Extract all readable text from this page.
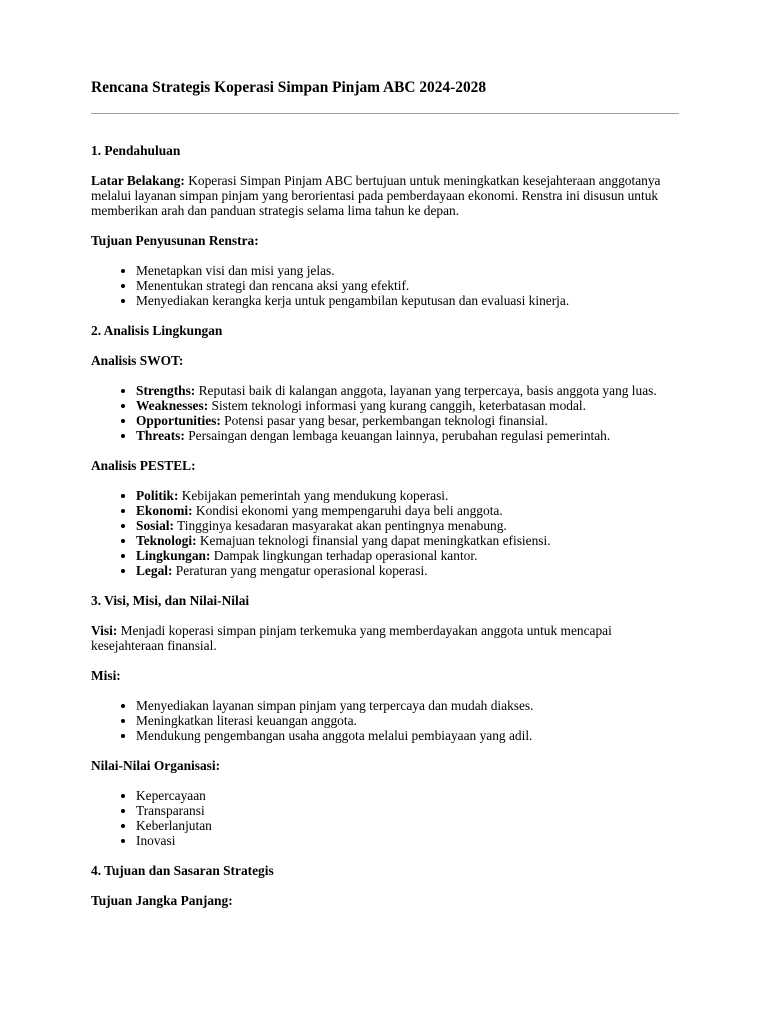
Rencana Strategis Koperasi Simpan Pinjam ABC 2024-2028
1. Pendahuluan

Latar Belakang: Koperasi Simpan Pinjam ABC bertujuan untuk meningkatkan kesejahteraan anggotanya melalui layanan simpan pinjam yang berorientasi pada pemberdayaan ekonomi. Renstra ini disusun untuk memberikan arah dan panduan strategis selama lima tahun ke depan.

Tujuan Penyusunan Renstra:
• Menetapkan visi dan misi yang jelas.
• Menentukan strategi dan rencana aksi yang efektif.
• Menyediakan kerangka kerja untuk pengambilan keputusan dan evaluasi kinerja.
2. Analisis Lingkungan
Analisis SWOT:
• Strengths: Reputasi baik di kalangan anggota, layanan yang terpercaya, basis anggota yang luas.
• Weaknesses: Sistem teknologi informasi yang kurang canggih, keterbatasan modal.
• Opportunities: Potensi pasar yang besar, perkembangan teknologi finansial.
• Threats: Persaingan dengan lembaga keuangan lainnya, perubahan regulasi pemerintah.
Analisis PESTEL:
• Politik: Kebijakan pemerintah yang mendukung koperasi.
• Ekonomi: Kondisi ekonomi yang mempengaruhi daya beli anggota.
• Sosial: Tingginya kesadaran masyarakat akan pentingnya menabung.
• Teknologi: Kemajuan teknologi finansial yang dapat meningkatkan efisiensi.
• Lingkungan: Dampak lingkungan terhadap operasional kantor.
• Legal: Peraturan yang mengatur operasional koperasi.
3. Visi, Misi, dan Nilai-Nilai

Visi: Menjadi koperasi simpan pinjam terkemuka yang memberdayakan anggota untuk mencapai kesejahteraan finansial.

Misi:
• Menyediakan layanan simpan pinjam yang terpercaya dan mudah diakses.
• Meningkatkan literasi keuangan anggota.
• Mendukung pengembangan usaha anggota melalui pembiayaan yang adil.
Nilai-Nilai Organisasi:
• Kepercayaan
• Transparansi
• Keberlanjutan
• Inovasi
4. Tujuan dan Sasaran Strategis
Tujuan Jangka Panjang:
